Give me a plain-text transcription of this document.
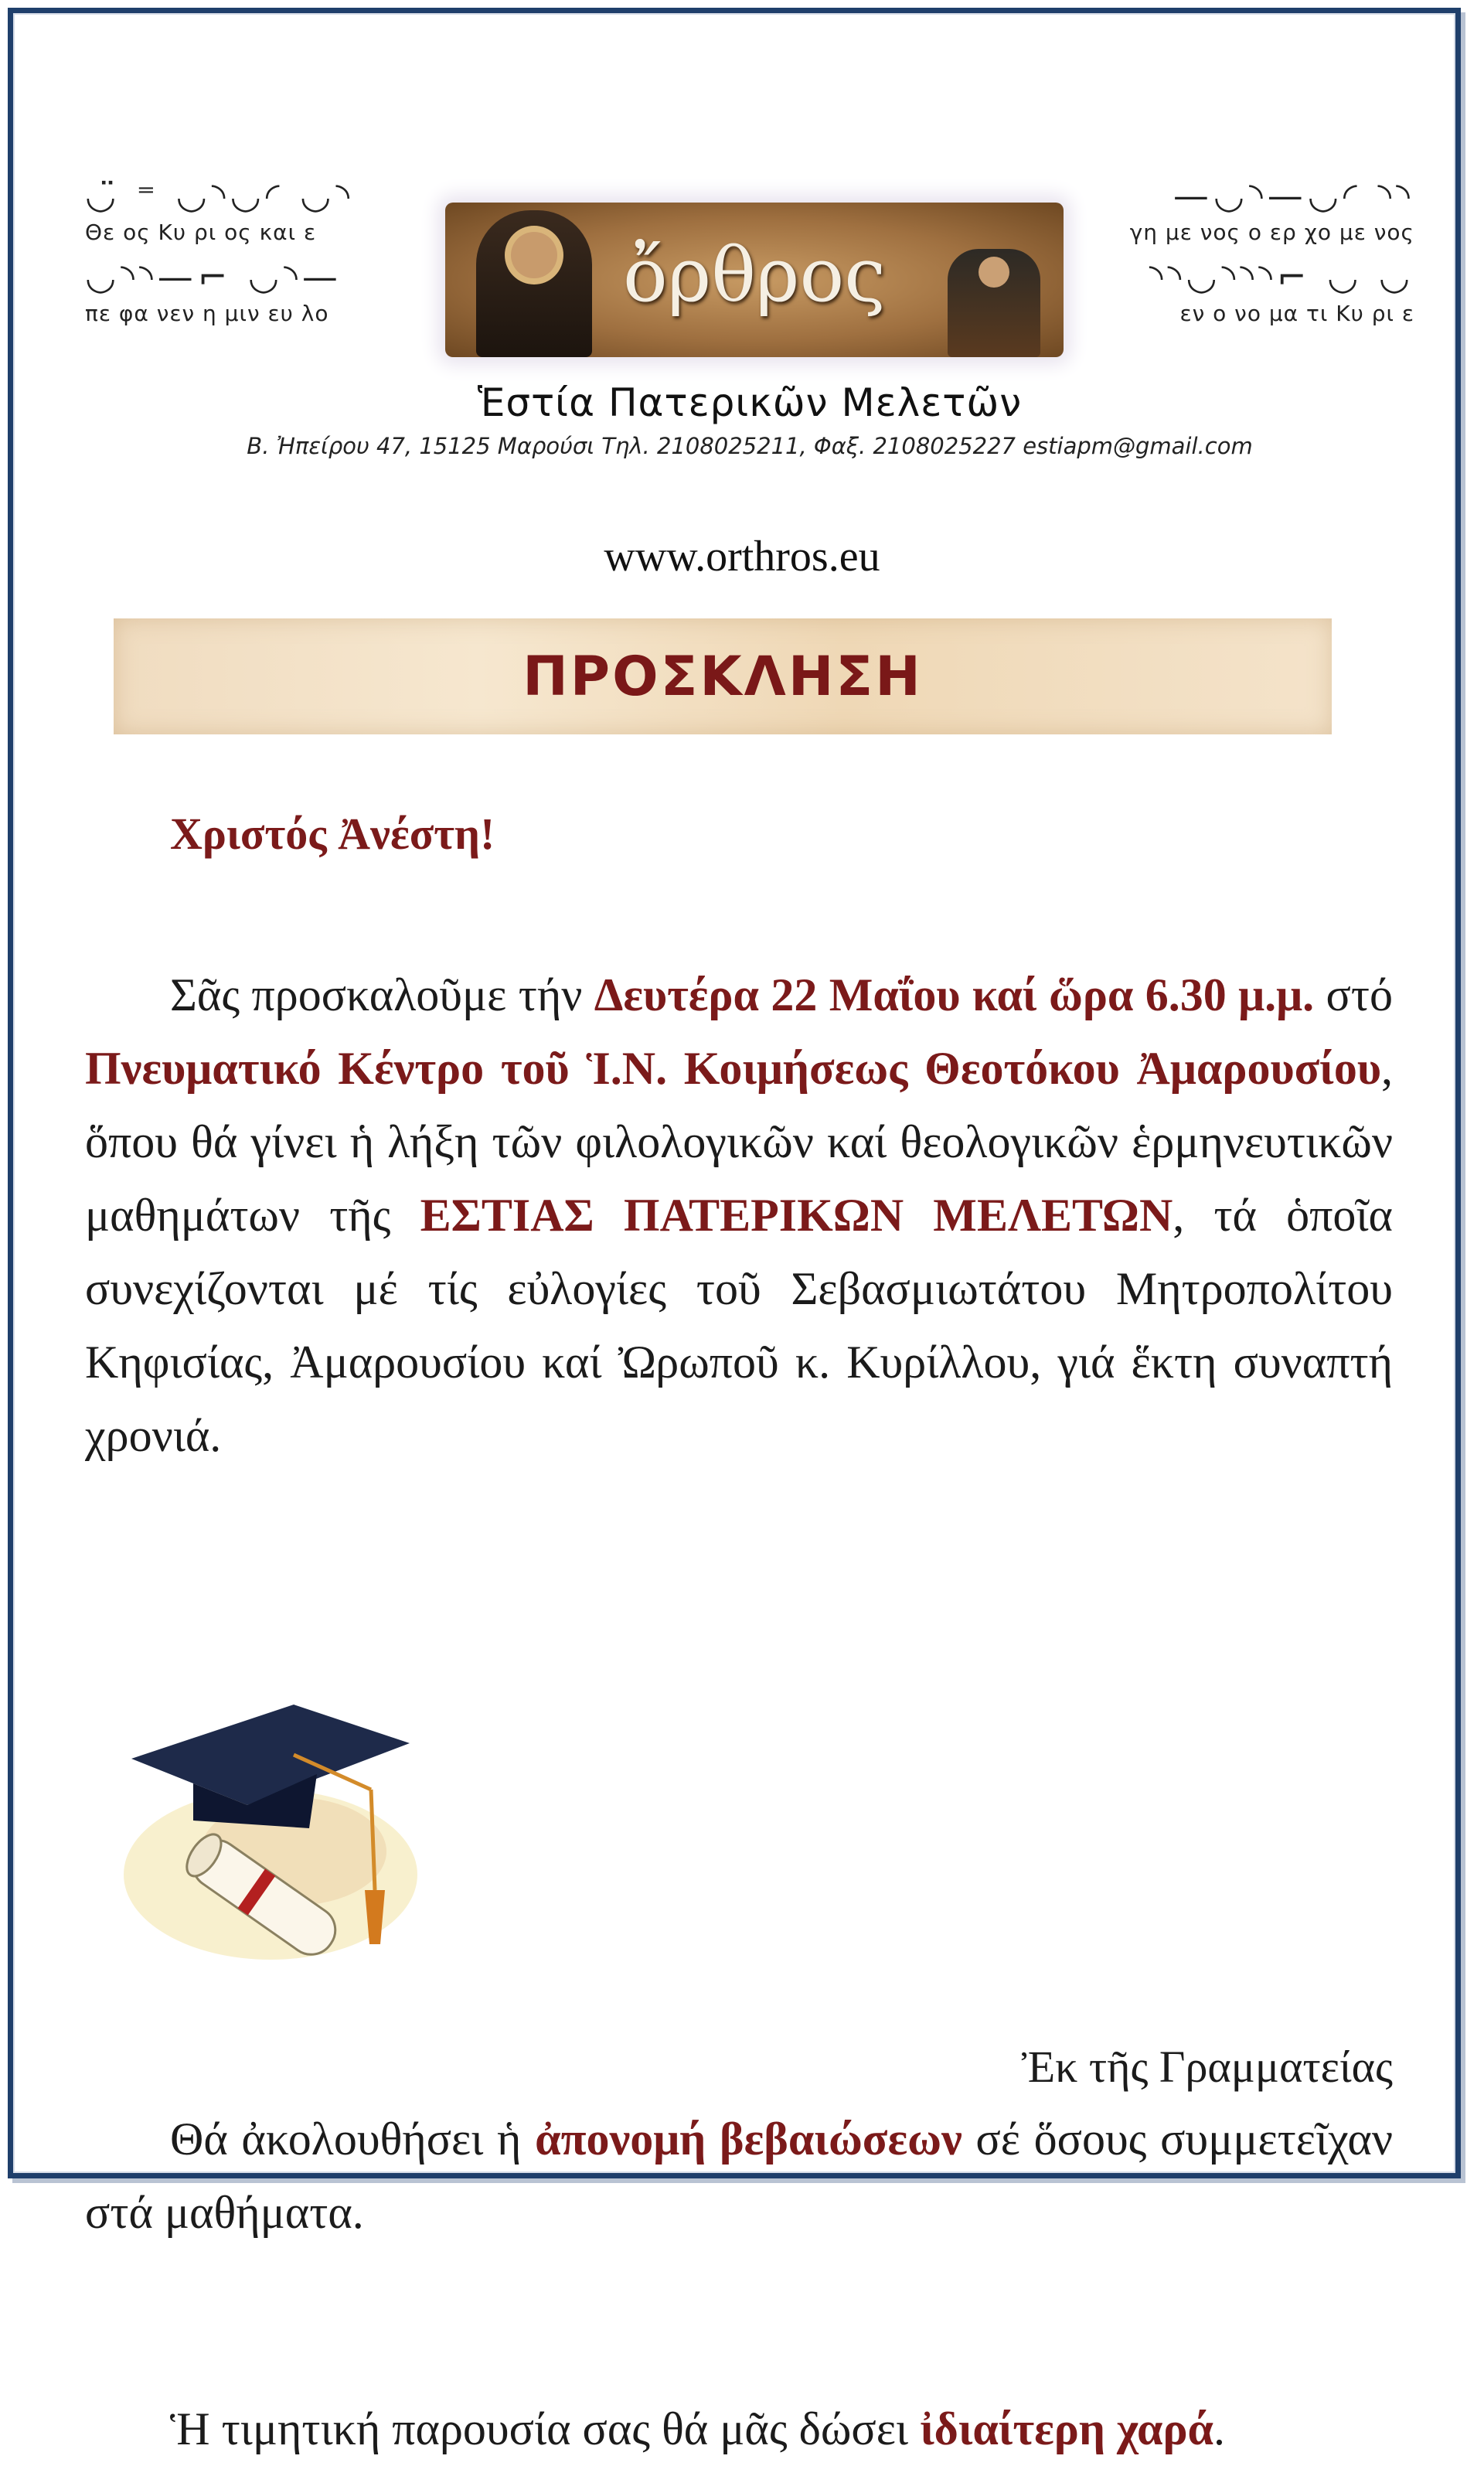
◡̈ ⁼ ◡◝◡◜ ◡◝
Θε ος Κυ ρι ος και ε
◡◝◝—⌐ ◡◝—
πε φα νεν η μιν ευ λο	ὄρθρος
—◡◝—◡◜ ◝◝
γη με νος ο ερ χο με νος
◝◝◡◝◝◝⌐ ◡ ◡
εν ο νο μα τι Κυ ρι ε
Ἑστία Πατερικῶν Μελετῶν
Β. Ἠπείρου 47, 15125 Μαρούσι Τηλ. 2108025211, Φαξ. 2108025227 estiapm@gmail.com
www.orthros.eu
ΠΡΟΣΚΛΗΣΗ
Χριστός Ἀνέστη!
Σᾶς προσκαλοῦμε τήν Δευτέρα 22 Μαΐου καί ὥρα 6.30 μ.μ. στό Πνευματικό Κέντρο τοῦ Ἱ.Ν. Κοιμήσεως Θεοτόκου Ἀμαρουσίου, ὅπου θά γίνει ἡ λήξη τῶν φιλολογικῶν καί θεολογικῶν ἑρμηνευτικῶν μαθημάτων τῆς ΕΣΤΙΑΣ ΠΑΤΕΡΙΚΩΝ ΜΕΛΕΤΩΝ, τά ὁποῖα συνεχίζονται μέ τίς εὐλογίες τοῦ Σεβασμιωτάτου Μητροπολίτου Κηφισίας, Ἀμαρουσίου καί Ὠρωποῦ κ. Κυρίλλου, γιά ἕκτη συναπτή χρονιά.
Θά ἀκολουθήσει ἡ ἀπονομή βεβαιώσεων σέ ὅσους συμμετεῖχαν στά μαθήματα.
Ἡ τιμητική παρουσία σας θά μᾶς δώσει ἰδιαίτερη χαρά.
Ἐκ τῆς Γραμματείας
